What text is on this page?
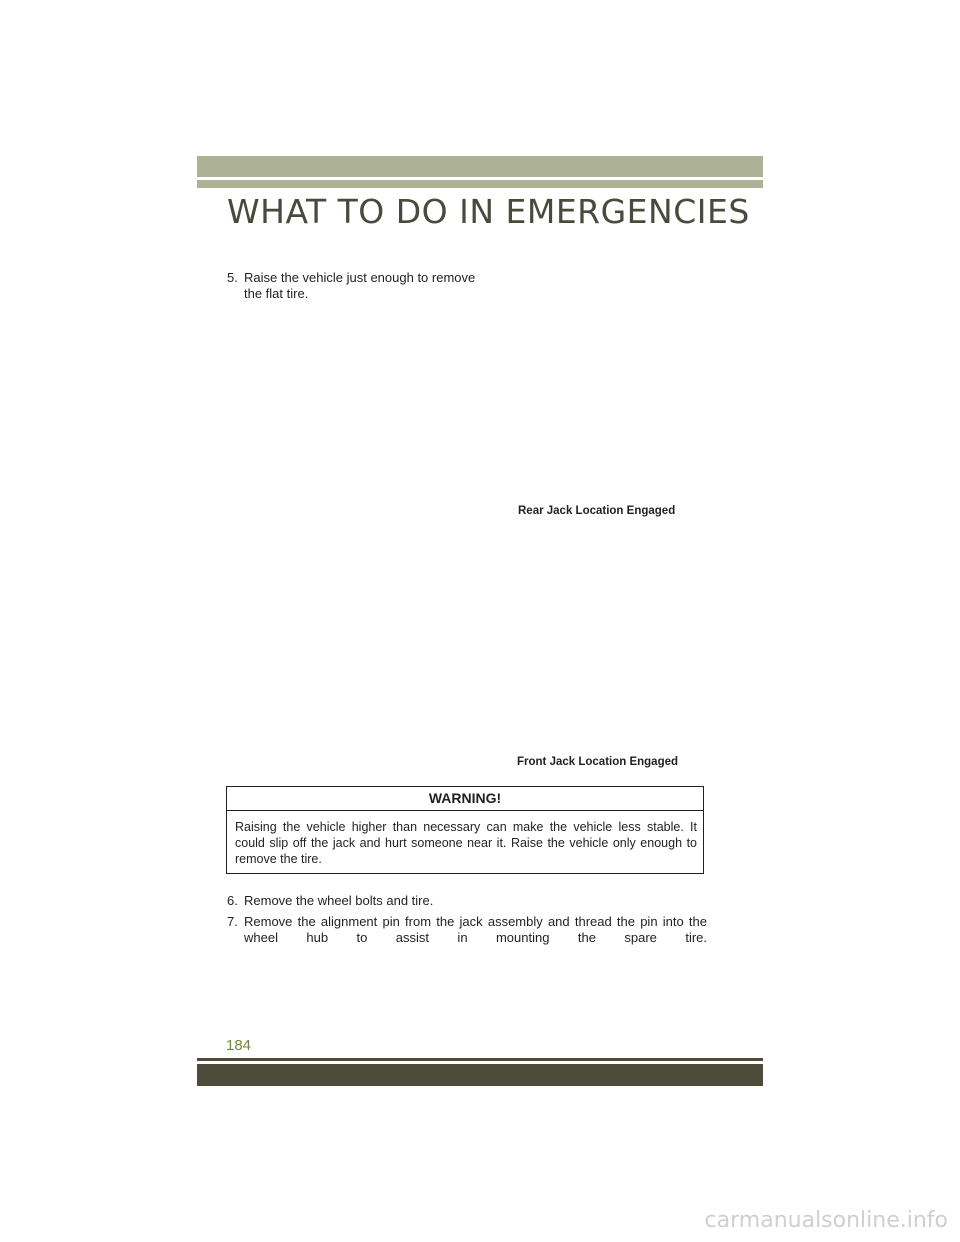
WHAT TO DO IN EMERGENCIES
5. Raise the vehicle just enough to remove the flat tire.
Rear Jack Location Engaged
Front Jack Location Engaged
WARNING!
Raising the vehicle higher than necessary can make the vehicle less stable. It could slip off the jack and hurt someone near it. Raise the vehicle only enough to remove the tire.
6. Remove the wheel bolts and tire.
7. Remove the alignment pin from the jack assembly and thread the pin into the wheel hub to assist in mounting the spare tire.
184
carmanualsonline.info
